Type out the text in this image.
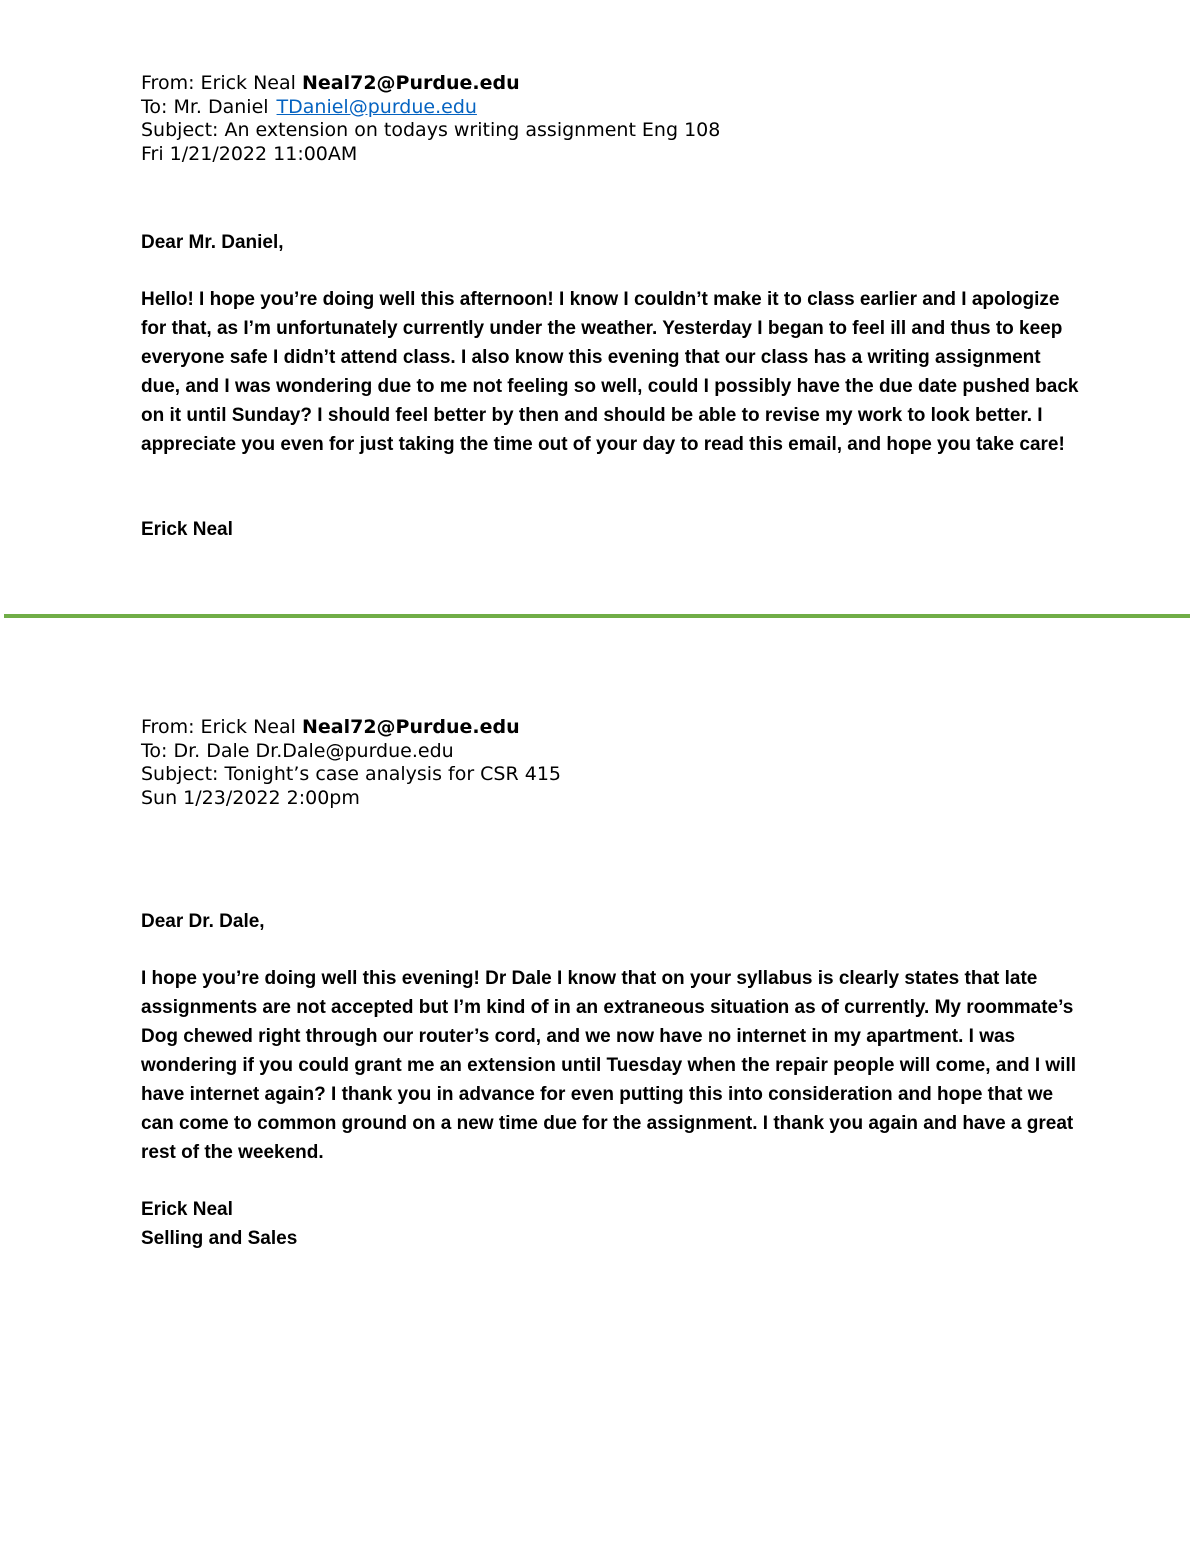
From: Erick Neal Neal72@Purdue.edu
To: Mr. Daniel TDaniel@purdue.edu
Subject: An extension on todays writing assignment Eng 108
Fri 1/21/2022 11:00AM

Dear Mr. Daniel,

Hello! I hope you’re doing well this afternoon! I know I couldn’t make it to class earlier and I apologize for that, as I’m unfortunately currently under the weather. Yesterday I began to feel ill and thus to keep everyone safe I didn’t attend class. I also know this evening that our class has a writing assignment due, and I was wondering due to me not feeling so well, could I possibly have the due date pushed back on it until Sunday? I should feel better by then and should be able to revise my work to look better. I appreciate you even for just taking the time out of your day to read this email, and hope you take care!

Erick Neal

From: Erick Neal Neal72@Purdue.edu
To: Dr. Dale Dr.Dale@purdue.edu
Subject: Tonight’s case analysis for CSR 415
Sun 1/23/2022 2:00pm

Dear Dr. Dale,

I hope you’re doing well this evening! Dr Dale I know that on your syllabus is clearly states that late assignments are not accepted but I’m kind of in an extraneous situation as of currently. My roommate’s Dog chewed right through our router’s cord, and we now have no internet in my apartment. I was wondering if you could grant me an extension until Tuesday when the repair people will come, and I will have internet again? I thank you in advance for even putting this into consideration and hope that we can come to common ground on a new time due for the assignment. I thank you again and have a great rest of the weekend.

Erick Neal
Selling and Sales
